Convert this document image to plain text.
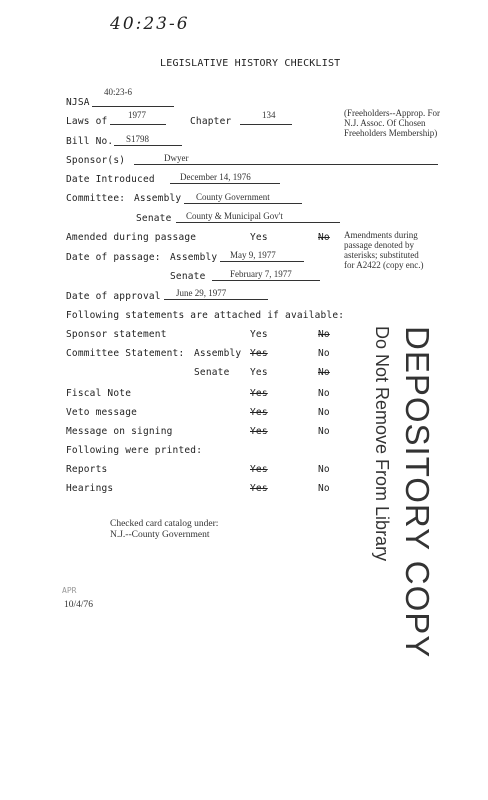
40:23-6
LEGISLATIVE HISTORY CHECKLIST
NJSA
40:23-6
Laws of
1977
Chapter
134	(Freeholders--Approp. For
N.J. Assoc. Of Chosen
Freeholders Membership)
Bill No. S1798
Sponsor(s)	Dwyer
Date Introduced	December 14, 1976
Committee: Assembly County Government
Senate County & Municipal Gov't
Amended during passage	Yes	No Amendments during
passage denoted by
asterisks; substituted
for A2422 (copy enc.)
Date of passage: Assembly May 9, 1977
Senate	February 7, 1977
Date of approval June 29, 1977
Following statements are attached if available:
Sponsor statement	Yes	No
Committee Statement: Assembly Yes	No
Senate Yes	No
Fiscal Note	Yes	No
Veto message	Yes	No
Message on signing	Yes	No
Following were printed:
Reports	Yes	No
Hearings	Yes	No
Checked card catalog under:
N.J.--County Government	DEPOSITORY COPY
Do Not Remove From Library
APR
10/4/76
